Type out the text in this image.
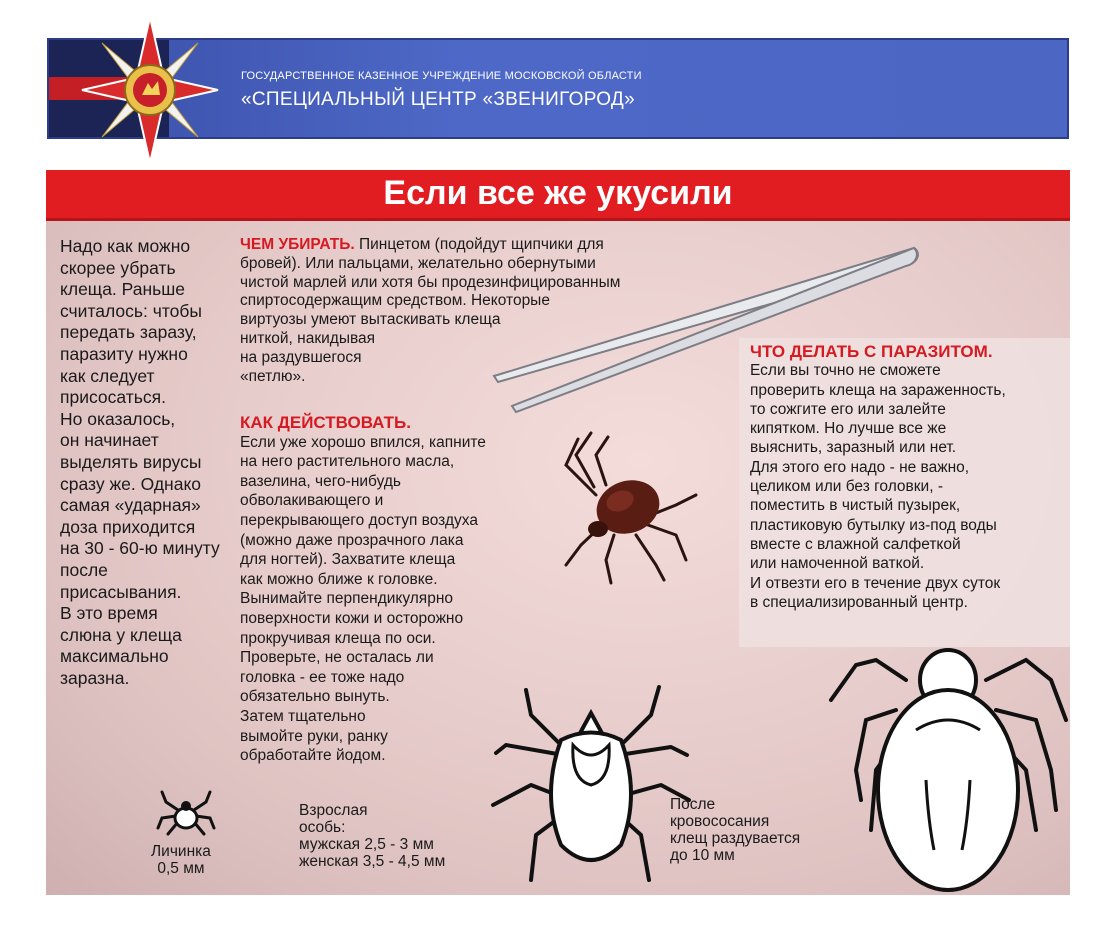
ГОСУДАРСТВЕННОЕ КАЗЕННОЕ УЧРЕЖДЕНИЕ МОСКОВСКОЙ ОБЛАСТИ
«СПЕЦИАЛЬНЫЙ ЦЕНТР «ЗВЕНИГОРОД»
Если все же укусили
Надо как можно
скорее убрать
клеща. Раньше
считалось: чтобы
передать заразу,
паразиту нужно
как следует
присосаться.
Но оказалось,
он начинает
выделять вирусы
сразу же. Однако
самая «ударная»
доза приходится
на 30 - 60-ю минуту
после
присасывания.
В это время
слюна у клеща
максимально
заразна.
ЧЕМ УБИРАТЬ. Пинцетом (подойдут щипчики для
бровей). Или пальцами, желательно обернутыми
чистой марлей или хотя бы продезинфицированным
спиртосодержащим средством. Некоторые
виртуозы умеют вытаскивать клеща
ниткой, накидывая
на раздувшегося
«петлю».
КАК ДЕЙСТВОВАТЬ.
Если уже хорошо впился, капните
на него растительного масла,
вазелина, чего-нибудь
обволакивающего и
перекрывающего доступ воздуха
(можно даже прозрачного лака
для ногтей). Захватите клеща
как можно ближе к головке.
Вынимайте перпендикулярно
поверхности кожи и осторожно
прокручивая клеща по оси.
Проверьте, не осталась ли
головка - ее тоже надо
обязательно вынуть.
Затем тщательно
вымойте руки, ранку
обработайте йодом.
ЧТО ДЕЛАТЬ С ПАРАЗИТОМ.
Если вы точно не сможете
проверить клеща на зараженность,
то сожгите его или залейте
кипятком. Но лучше все же
выяснить, заразный или нет.
Для этого его надо - не важно,
целиком или без головки, -
поместить в чистый пузырек,
пластиковую бутылку из-под воды
вместе с влажной салфеткой
или намоченной ваткой.
И отвезти его в течение двух суток
в специализированный центр.
Личинка
0,5 мм
Взрослая
особь:
мужская 2,5 - 3 мм
женская 3,5 - 4,5 мм
После
кровососания
клещ раздувается
до 10 мм
